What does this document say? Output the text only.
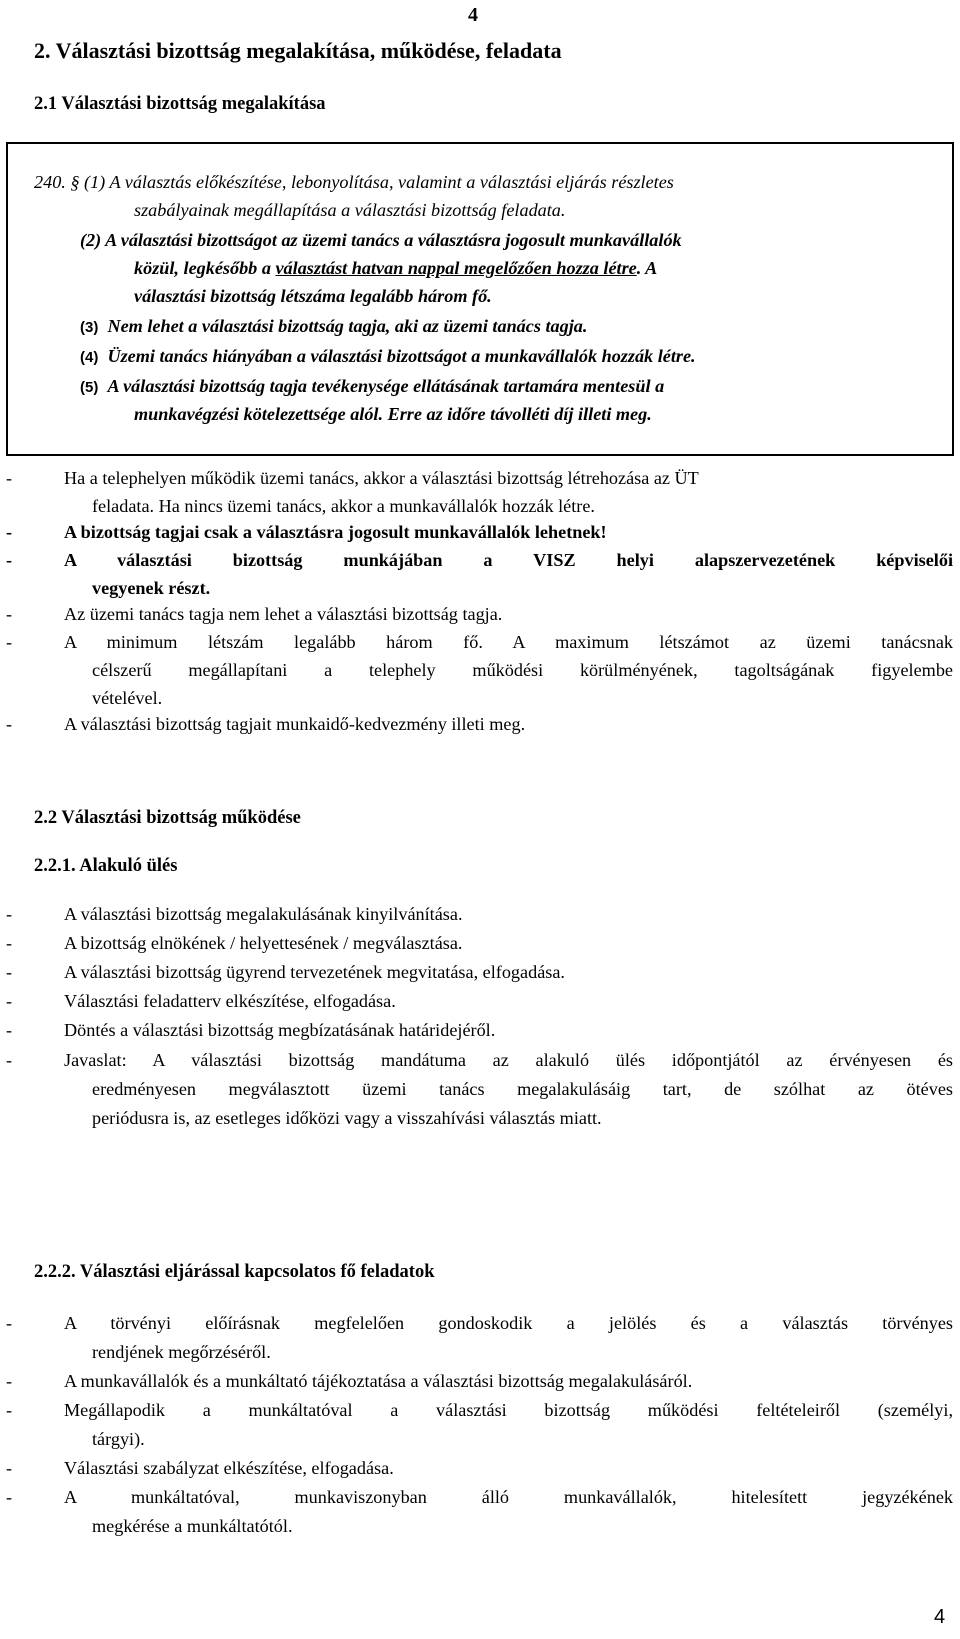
4
2. Választási bizottság megalakítása, működése, feladata
2.1 Választási bizottság megalakítása
240. § (1) A választás előkészítése, lebonyolítása, valamint a választási eljárás részletes
szabályainak megállapítása a választási bizottság feladata.
(2) A választási bizottságot az üzemi tanács a választásra jogosult munkavállalók
közül, legkésőbb a választást hatvan nappal megelőzően hozza létre. A
választási bizottság létszáma legalább három fő.
(3) Nem lehet a választási bizottság tagja, aki az üzemi tanács tagja.
(4) Üzemi tanács hiányában a választási bizottságot a munkavállalók hozzák létre.
(5) A választási bizottság tagja tevékenysége ellátásának tartamára mentesül a
munkavégzési kötelezettsége alól. Erre az időre távolléti díj illeti meg.
-	Ha a telephelyen működik üzemi tanács, akkor a választási bizottság létrehozása az ÜT
feladata. Ha nincs üzemi tanács, akkor a munkavállalók hozzák létre.
-	A bizottság tagjai csak a választásra jogosult munkavállalók lehetnek!
-	A választási bizottság munkájában a VISZ helyi alapszervezetének képviselői
vegyenek részt.
-	Az üzemi tanács tagja nem lehet a választási bizottság tagja.
-	A minimum létszám legalább három fő. A maximum létszámot az üzemi tanácsnak
célszerű megállapítani a telephely működési körülményének, tagoltságának figyelembe
vételével.
-	A választási bizottság tagjait munkaidő-kedvezmény illeti meg.
2.2 Választási bizottság működése
2.2.1. Alakuló ülés
-	A választási bizottság megalakulásának kinyilvánítása.
-	A bizottság elnökének / helyettesének / megválasztása.
-	A választási bizottság ügyrend tervezetének megvitatása, elfogadása.
-	Választási feladatterv elkészítése, elfogadása.
-	Döntés a választási bizottság megbízatásának határidejéről.
-	Javaslat: A választási bizottság mandátuma az alakuló ülés időpontjától az érvényesen és
eredményesen megválasztott üzemi tanács megalakulásáig tart, de szólhat az ötéves
periódusra is, az esetleges időközi vagy a visszahívási választás miatt.
2.2.2. Választási eljárással kapcsolatos fő feladatok
-	A törvényi előírásnak megfelelően gondoskodik a jelölés és a választás törvényes
rendjének megőrzéséről.
-	A munkavállalók és a munkáltató tájékoztatása a választási bizottság megalakulásáról.
-	Megállapodik a munkáltatóval a választási bizottság működési feltételeiről (személyi,
tárgyi).
-	Választási szabályzat elkészítése, elfogadása.
-	A munkáltatóval, munkaviszonyban álló munkavállalók, hitelesített jegyzékének
megkérése a munkáltatótól.
4
